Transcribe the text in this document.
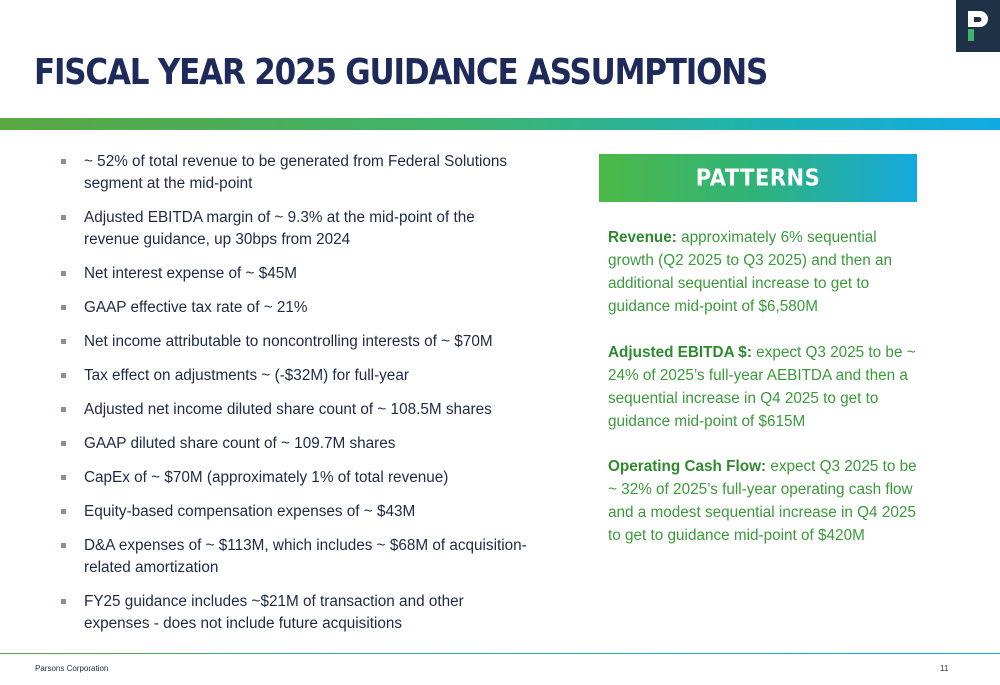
FISCAL YEAR 2025 GUIDANCE ASSUMPTIONS
~ 52% of total revenue to be generated from Federal Solutions segment at the mid-point
Adjusted EBITDA margin of ~ 9.3% at the mid-point of the revenue guidance, up 30bps from 2024
Net interest expense of ~ $45M
GAAP effective tax rate of ~ 21%
Net income attributable to noncontrolling interests of ~ $70M
Tax effect on adjustments ~ (-$32M) for full-year
Adjusted net income diluted share count of ~ 108.5M shares
GAAP diluted share count of ~ 109.7M shares
CapEx of ~ $70M (approximately 1% of total revenue)
Equity-based compensation expenses of ~ $43M
D&A expenses of ~ $113M, which includes ~ $68M of acquisition-related amortization
FY25 guidance includes ~$21M of transaction and other expenses - does not include future acquisitions
PATTERNS

Revenue: approximately 6% sequential growth (Q2 2025 to Q3 2025) and then an additional sequential increase to get to guidance mid-point of $6,580M

Adjusted EBITDA $: expect Q3 2025 to be ~ 24% of 2025’s full-year AEBITDA and then a sequential increase in Q4 2025 to get to guidance mid-point of $615M

Operating Cash Flow: expect Q3 2025 to be ~ 32% of 2025’s full-year operating cash flow and a modest sequential increase in Q4 2025 to get to guidance mid-point of $420M

Parsons Corporation	11
